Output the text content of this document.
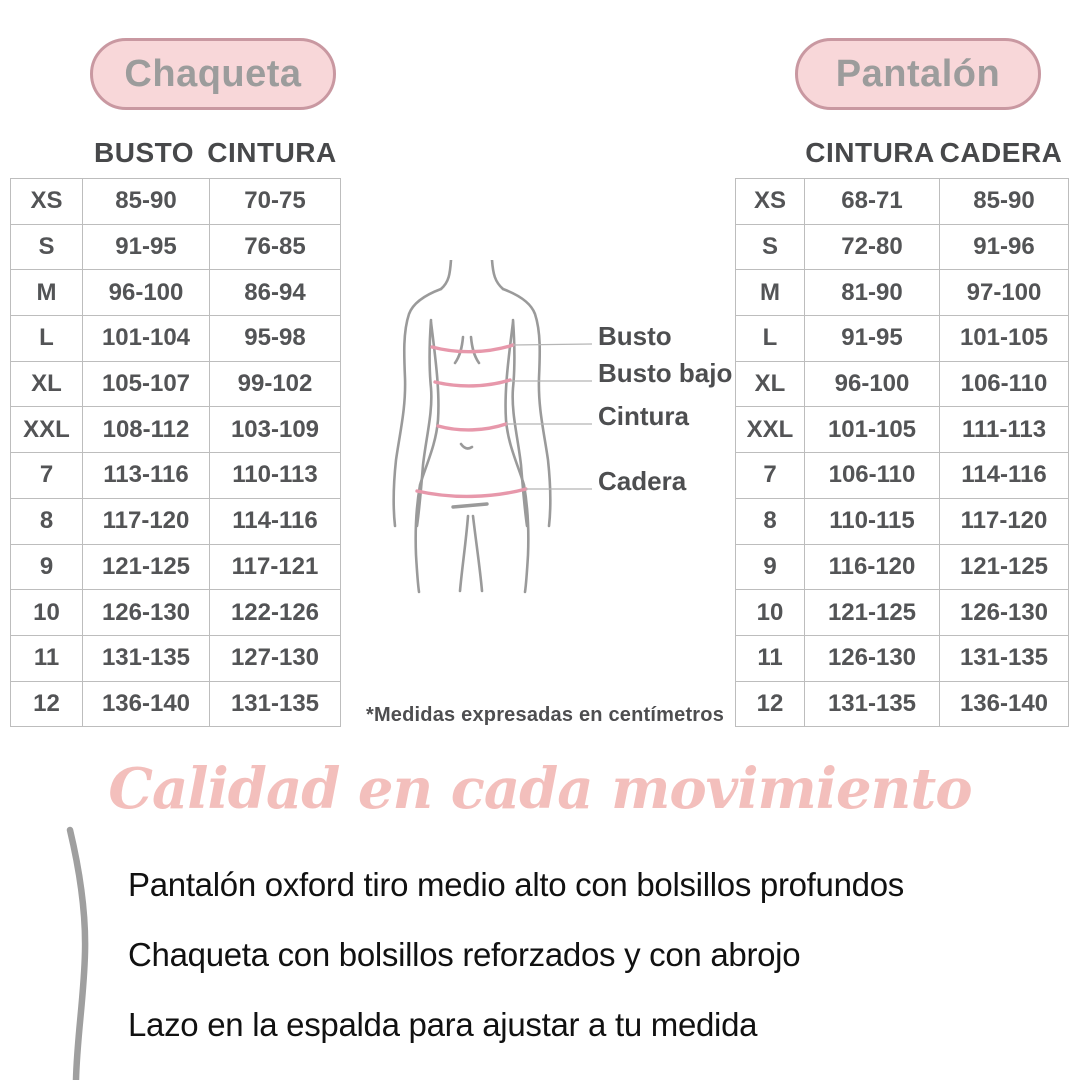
Chaqueta	Pantalón
BUSTO CINTURA
XS	85-90	70-75
S	91-95	76-85
M	96-100	86-94
L	101-104	95-98
XL	105-107	99-102
XXL	108-112	103-109
7	113-116	110-113
8	117-120	114-116
9	121-125	117-121
10	126-130	122-126
11	131-135	127-130
12	136-140	131-135
CINTURA CADERA
XS	68-71	85-90
S	72-80	91-96
M	81-90	97-100
L	91-95	101-105
XL	96-100	106-110
XXL	101-105	111-113
7	106-110	114-116
8	110-115	117-120
9	116-120	121-125
10	121-125	126-130
11	126-130	131-135
12	131-135	136-140
Busto
Busto bajo
Cintura
Cadera
*Medidas expresadas en centímetros
Calidad en cada movimiento
Pantalón oxford tiro medio alto con bolsillos profundos
Chaqueta con bolsillos reforzados y con abrojo
Lazo en la espalda para ajustar a tu medida
